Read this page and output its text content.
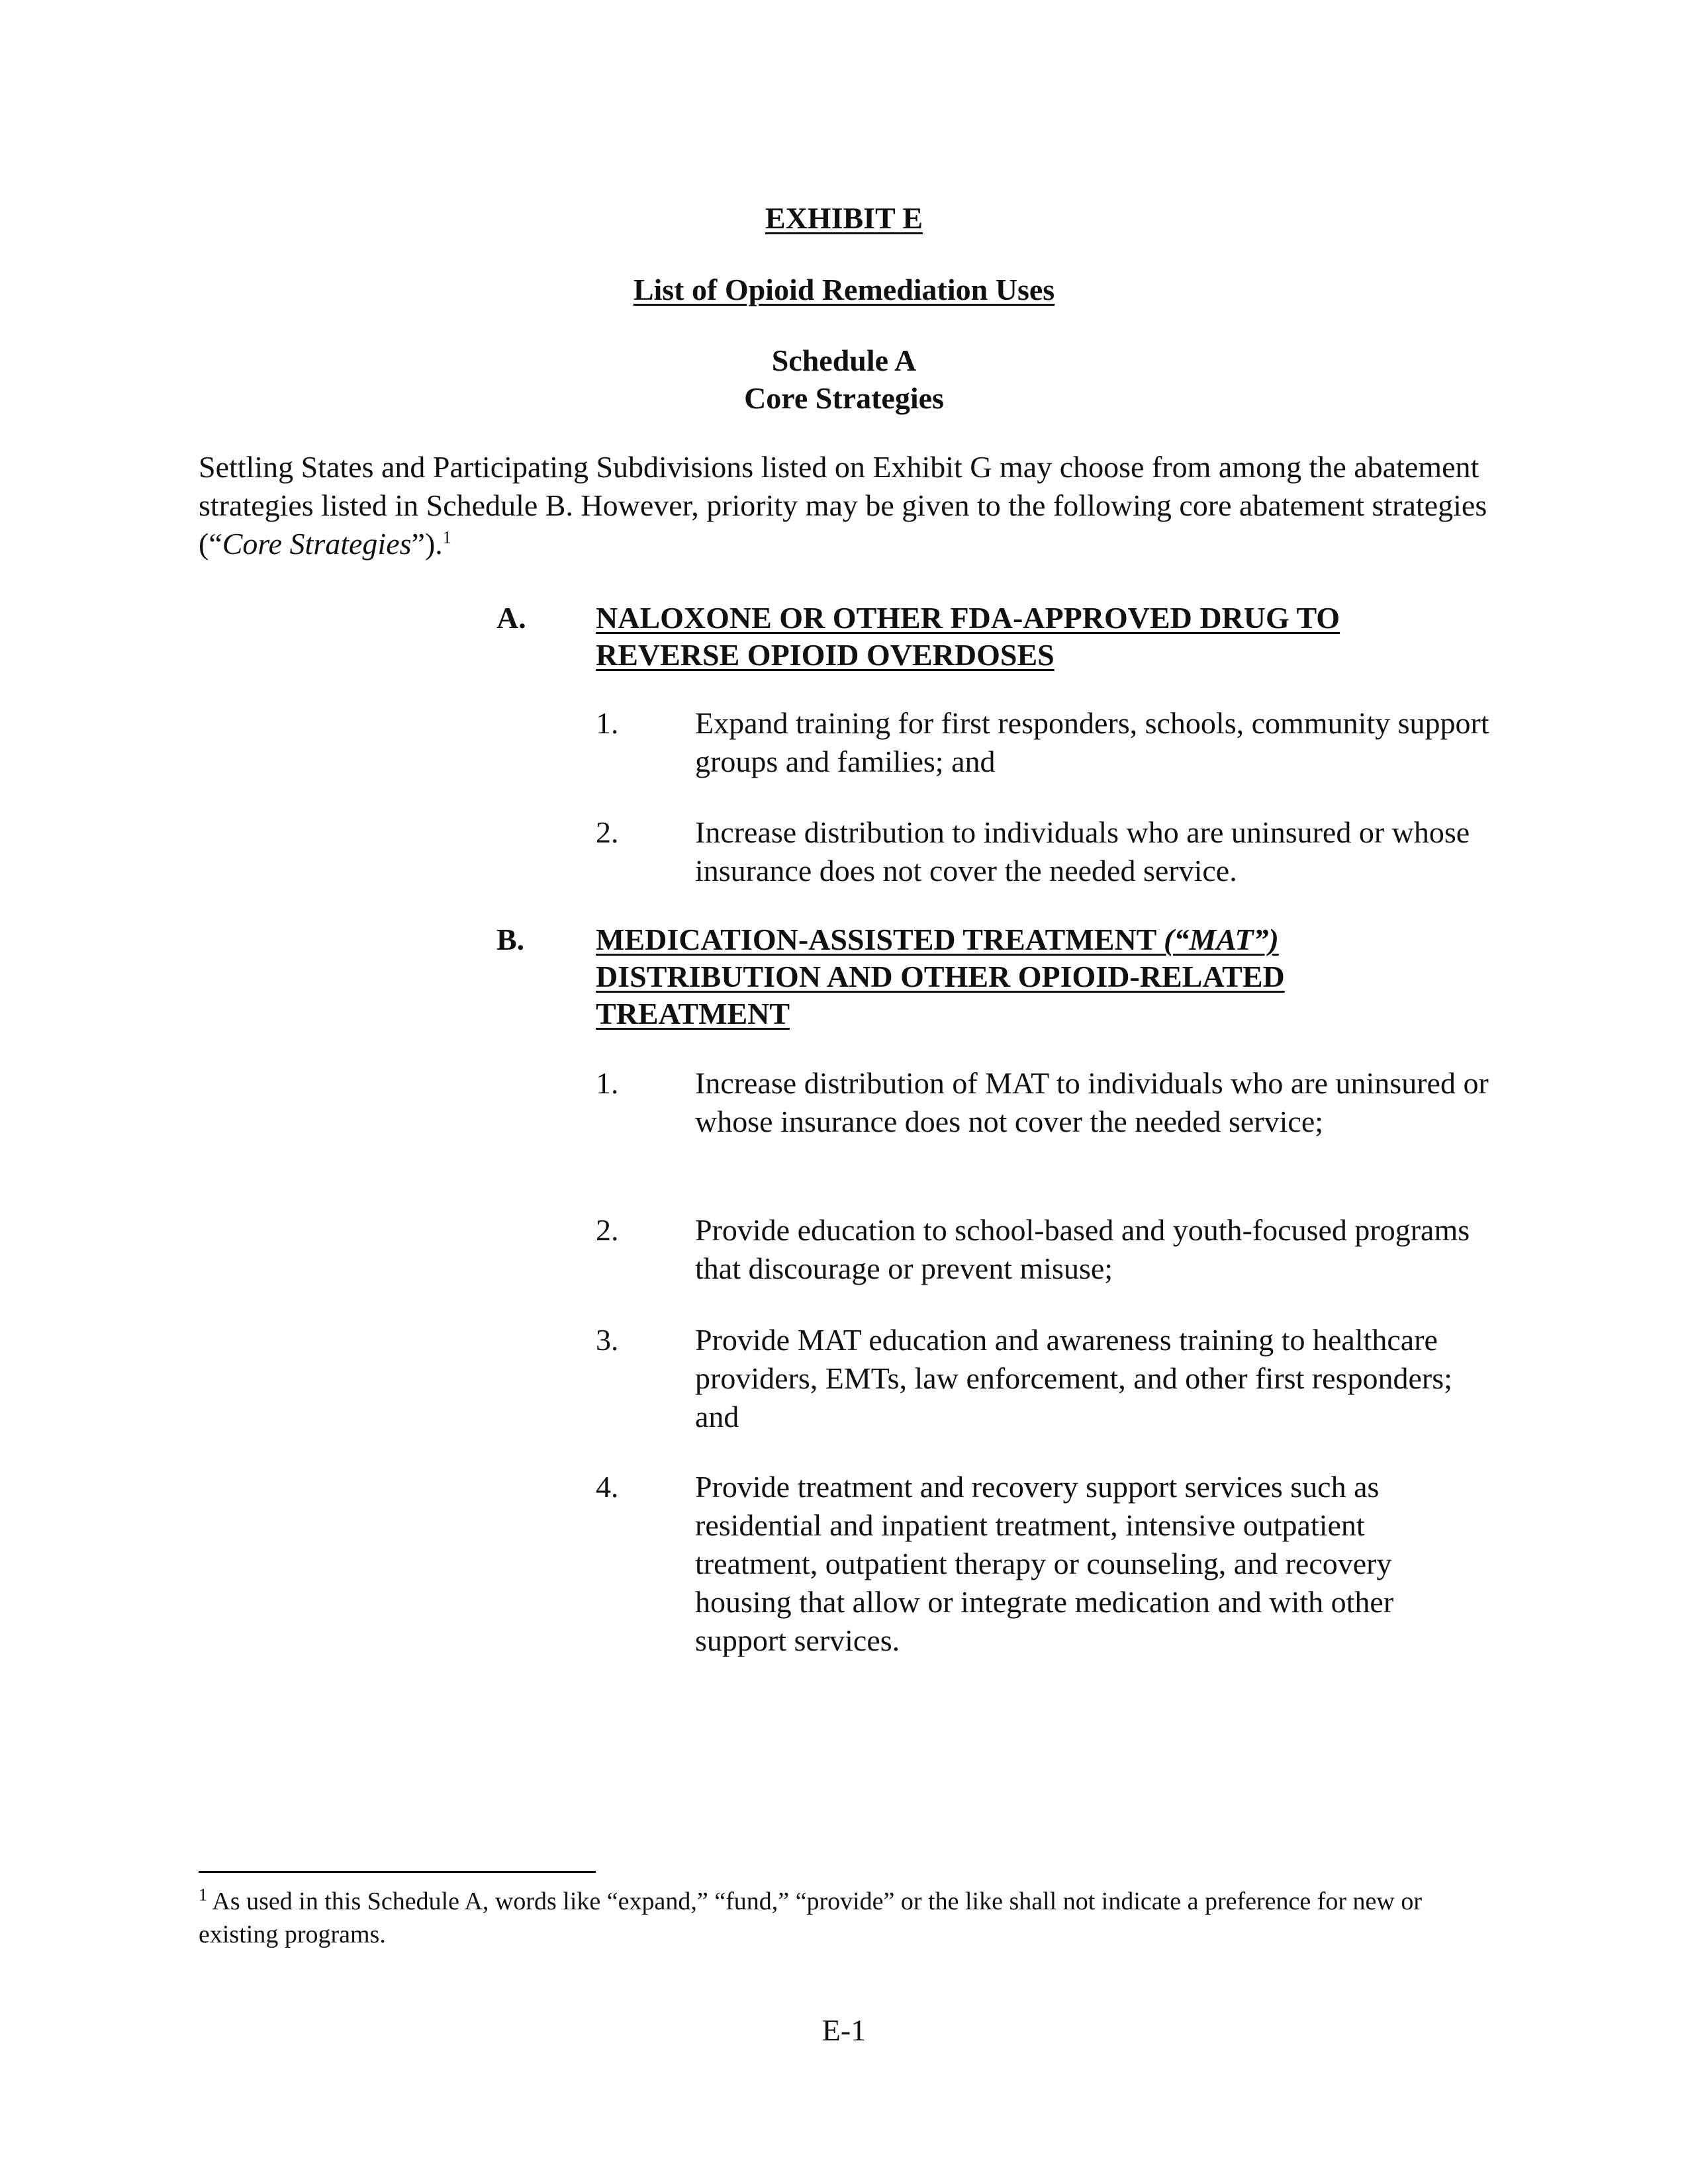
EXHIBIT E
List of Opioid Remediation Uses
Schedule A
Core Strategies
Settling States and Participating Subdivisions listed on Exhibit G may choose from among the abatement strategies listed in Schedule B. However, priority may be given to the following core abatement strategies (“Core Strategies”).$^1$
A. NALOXONE OR OTHER FDA-APPROVED DRUG TO REVERSE OPIOID OVERDOSES
1.	Expand training for first responders, schools, community support groups and families; and
2.	Increase distribution to individuals who are uninsured or whose insurance does not cover the needed service.
B. MEDICATION-ASSISTED TREATMENT (“MAT”) DISTRIBUTION AND OTHER OPIOID-RELATED TREATMENT
1.	Increase distribution of MAT to individuals who are uninsured or whose insurance does not cover the needed service;
2.	Provide education to school-based and youth-focused programs that discourage or prevent misuse;
3.	Provide MAT education and awareness training to healthcare providers, EMTs, law enforcement, and other first responders; and
4.	Provide treatment and recovery support services such as residential and inpatient treatment, intensive outpatient treatment, outpatient therapy or counseling, and recovery housing that allow or integrate medication and with other support services.
$^1$ As used in this Schedule A, words like “expand,” “fund,” “provide” or the like shall not indicate a preference for new or existing programs.
E-1
